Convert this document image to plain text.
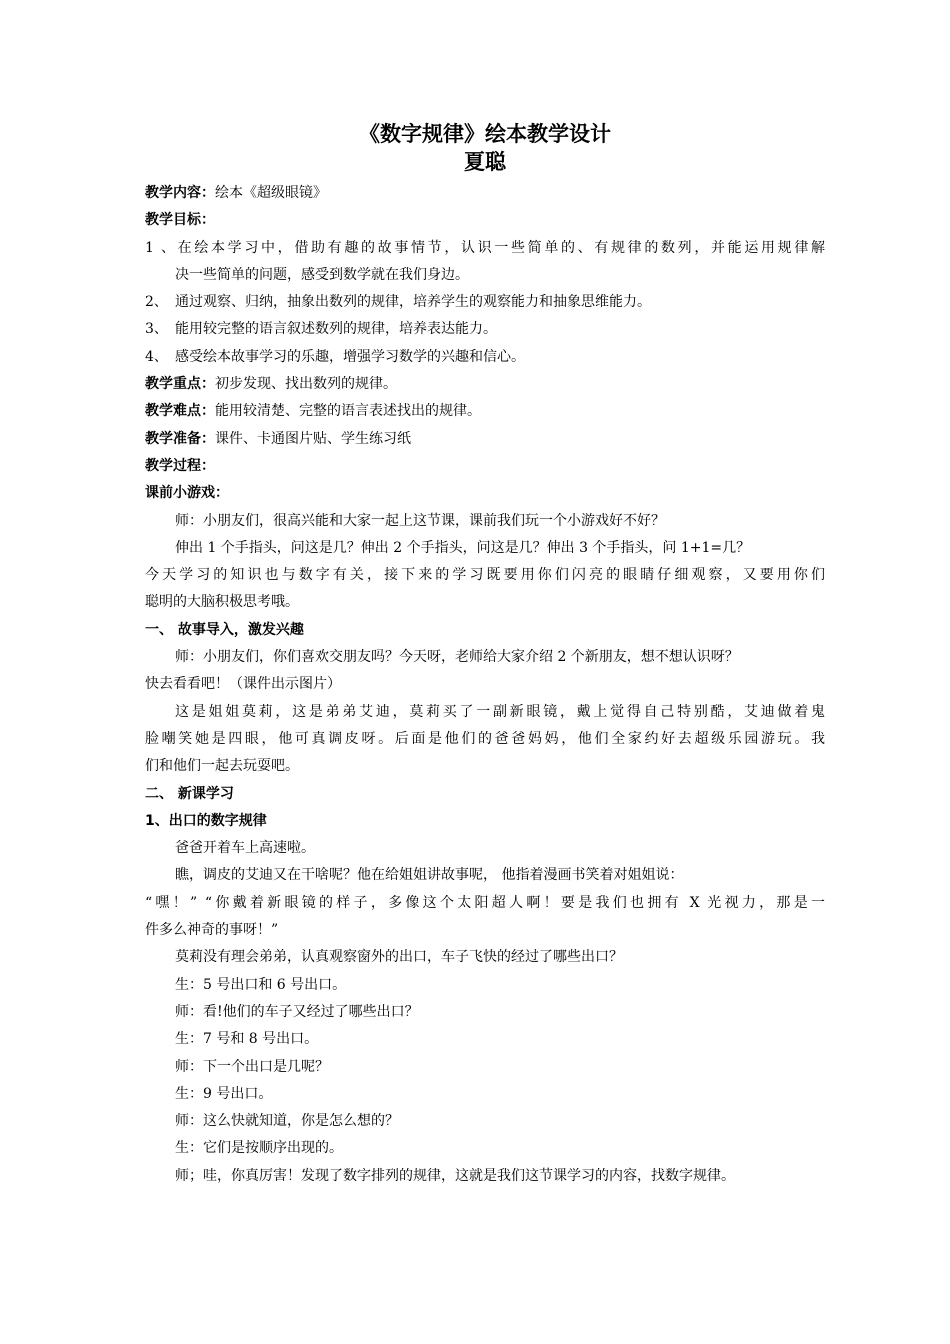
《数字规律》绘本教学设计

夏聪

教学内容：绘本《超级眼镜》

教学目标：

1、在绘本学习中，借助有趣的故事情节，认识一些简单的、有规律的数列，并能运用规律解

决一些简单的问题，感受到数学就在我们身边。

2、 通过观察、归纳，抽象出数列的规律，培养学生的观察能力和抽象思维能力。

3、 能用较完整的语言叙述数列的规律，培养表达能力。

4、 感受绘本故事学习的乐趣，增强学习数学的兴趣和信心。

教学重点：初步发现、找出数列的规律。

教学难点：能用较清楚、完整的语言表述找出的规律。

教学准备：课件、卡通图片贴、学生练习纸

教学过程：

课前小游戏：

师：小朋友们，很高兴能和大家一起上这节课，课前我们玩一个小游戏好不好？

伸出 1 个手指头，问这是几？伸出 2 个手指头，问这是几？伸出 3 个手指头，问 1+1=几？

今天学习的知识也与数字有关，接下来的学习既要用你们闪亮的眼睛仔细观察，又要用你们

聪明的大脑积极思考哦。

一、 故事导入，激发兴趣

师：小朋友们，你们喜欢交朋友吗？今天呀，老师给大家介绍 2 个新朋友，想不想认识呀？

快去看看吧！（课件出示图片）

这是姐姐莫莉，这是弟弟艾迪，莫莉买了一副新眼镜，戴上觉得自己特别酷，艾迪做着鬼

脸嘲笑她是四眼，他可真调皮呀。后面是他们的爸爸妈妈，他们全家约好去超级乐园游玩。我

们和他们一起去玩耍吧。

二、 新课学习

1、出口的数字规律

爸爸开着车上高速啦。

瞧，调皮的艾迪又在干啥呢？他在给姐姐讲故事呢， 他指着漫画书笑着对姐姐说：

“嘿！” “你戴着新眼镜的样子，多像这个太阳超人啊！要是我们也拥有 X 光视力，那是一

件多么神奇的事呀！”

莫莉没有理会弟弟，认真观察窗外的出口，车子飞快的经过了哪些出口？

生：5 号出口和 6 号出口。

师：看!他们的车子又经过了哪些出口？

生：7 号和 8 号出口。

师：下一个出口是几呢？

生：9 号出口。

师：这么快就知道，你是怎么想的？

生：它们是按顺序出现的。

师；哇，你真厉害！发现了数字排列的规律，这就是我们这节课学习的内容，找数字规律。
